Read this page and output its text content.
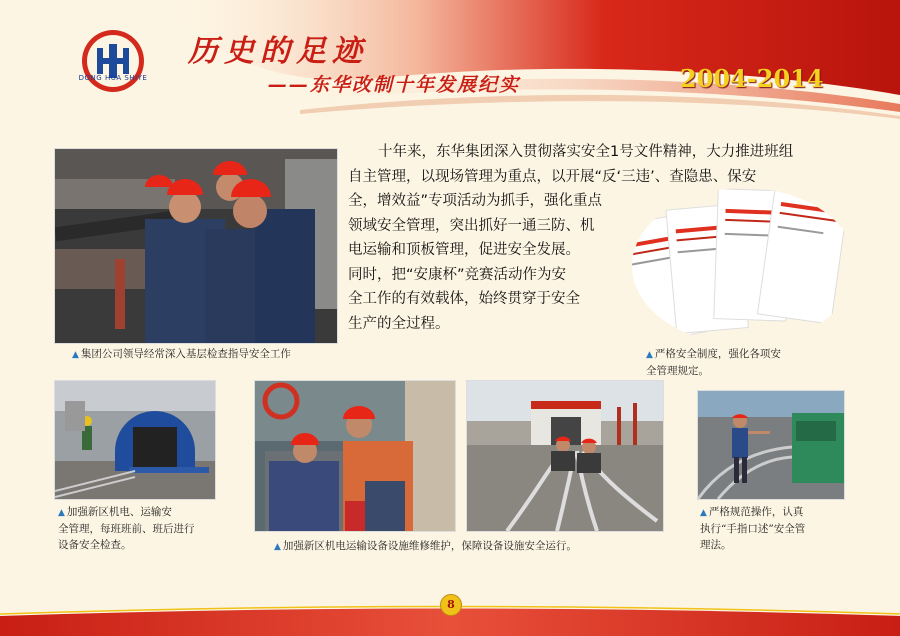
DONG HUA SHIYE
历史的足迹
——东华改制十年发展纪实	2004-2014
▲ 集团公司领导经常深入基层检查指导安全工作
十年来，东华集团深入贯彻落实安全1号文件精神，大力推进班组
自主管理，以现场管理为重点，以开展“反‘三违’、查隐患、保安
全，增效益”专项活动为抓手，强化重点
领域安全管理，突出抓好一通三防、机
电运输和顶板管理，促进安全发展。
同时，把“安康杯”竞赛活动作为安
全工作的有效载体，始终贯穿于安全
生产的全过程。
▲ 严格安全制度，强化各项安
全管理规定。
▲ 加强新区机电、运输安
全管理，每班班前、班后进行
设备安全检查。	▲ 加强新区机电运输设备设施维修维护，保障设备设施安全运行。
▲ 严格规范操作，认真
执行“手指口述”安全管
理法。
8
